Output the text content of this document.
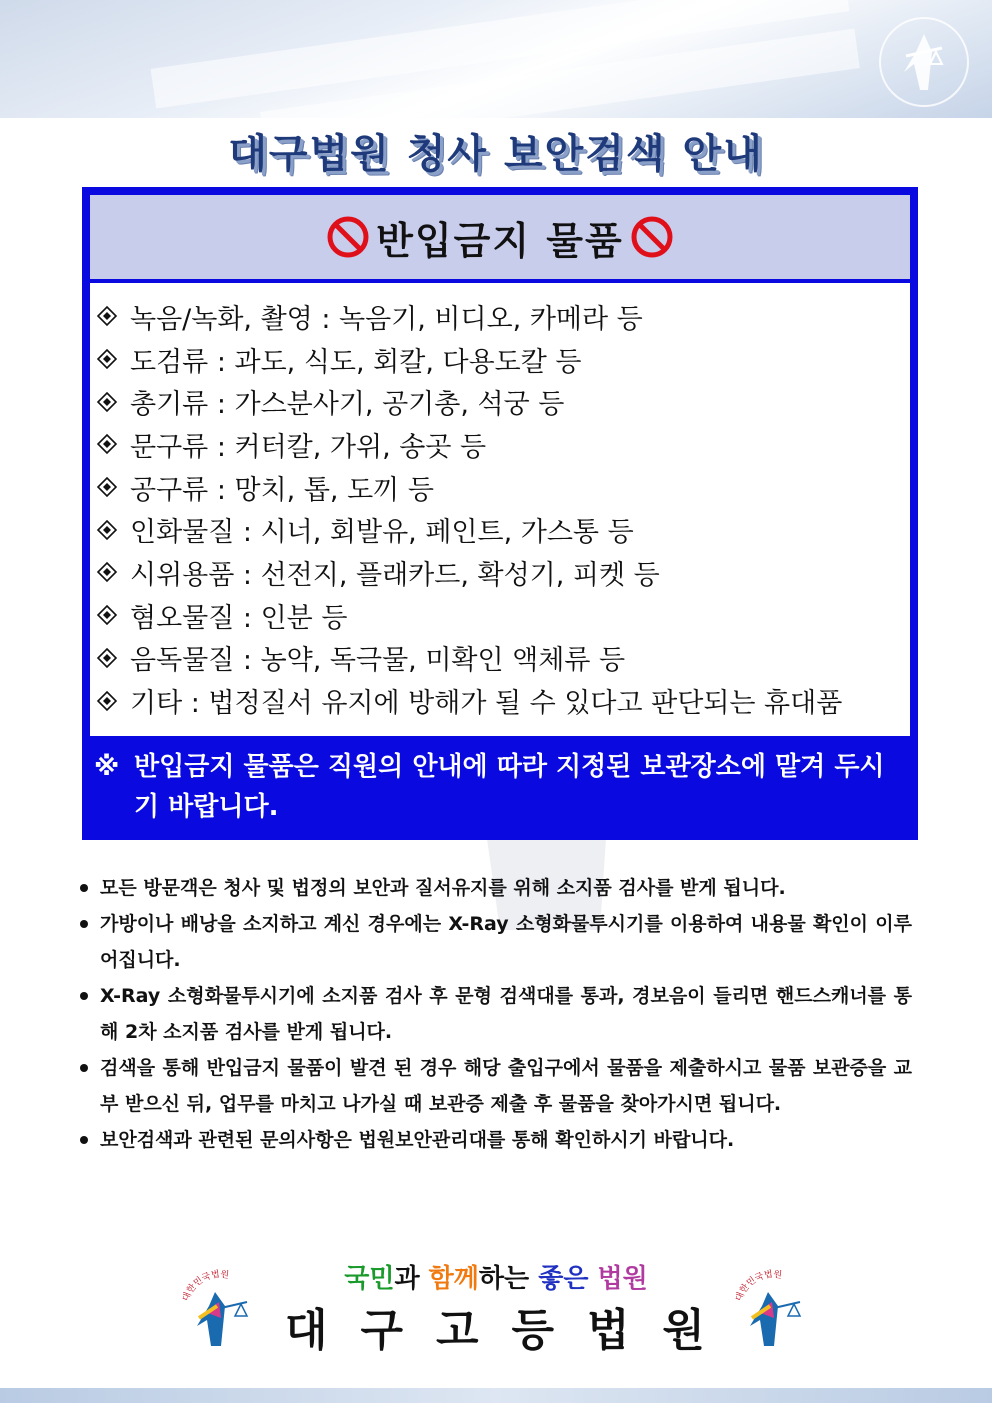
대구법원 청사 보안검색 안내
반입금지 물품
녹음/녹화, 촬영 : 녹음기, 비디오, 카메라 등
도검류 : 과도, 식도, 회칼, 다용도칼 등
총기류 : 가스분사기, 공기총, 석궁 등
문구류 : 커터칼, 가위, 송곳 등
공구류 : 망치, 톱, 도끼 등
인화물질 : 시너, 회발유, 페인트, 가스통 등
시위용품 : 선전지, 플래카드, 확성기, 피켓 등
혐오물질 : 인분 등
음독물질 : 농약, 독극물, 미확인 액체류 등
기타 : 법정질서 유지에 방해가 될 수 있다고 판단되는 휴대품
※ 반입금지 물품은 직원의 안내에 따라 지정된 보관장소에 맡겨 두시기 바랍니다.
모든 방문객은 청사 및 법정의 보안과 질서유지를 위해 소지품 검사를 받게 됩니다.
가방이나 배낭을 소지하고 계신 경우에는 X-Ray 소형화물투시기를 이용하여 내용물 확인이 이루어집니다.
X-Ray 소형화물투시기에 소지품 검사 후 문형 검색대를 통과, 경보음이 들리면 핸드스캐너를 통해 2차 소지품 검사를 받게 됩니다.
검색을 통해 반입금지 물품이 발견 된 경우 해당 출입구에서 물품을 제출하시고 물품 보관증을 교부 받으신 뒤, 업무를 마치고 나가실 때 보관증 제출 후 물품을 찾아가시면 됩니다.
보안검색과 관련된 문의사항은 법원보안관리대를 통해 확인하시기 바랍니다.
국민과 함께하는 좋은 법원
대한민국법원
대 구 고 등 법 원
대한민국법원
